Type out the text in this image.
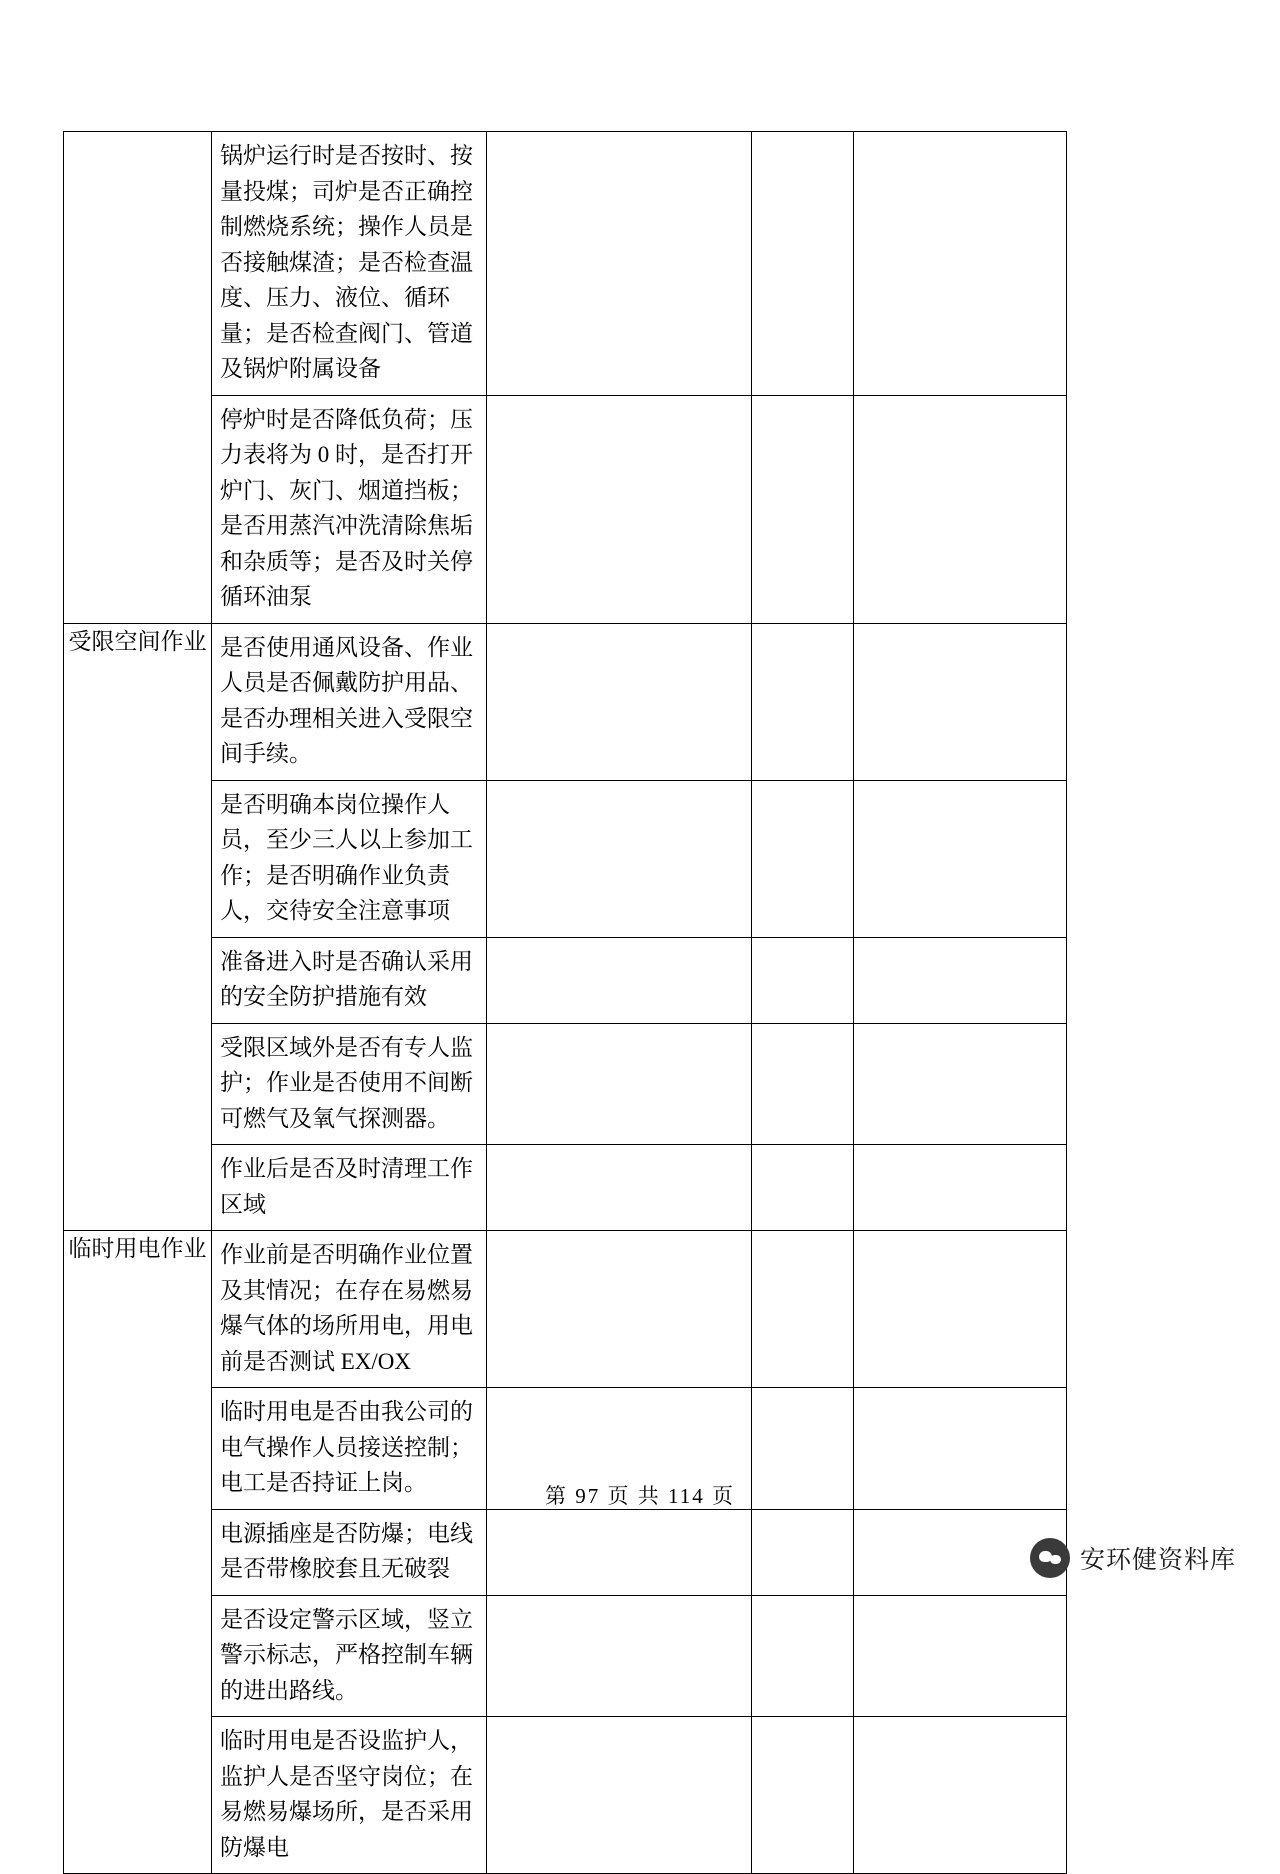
	锅炉运行时是否按时、按量投煤；司炉是否正确控制燃烧系统；操作人员是否接触煤渣；是否检查温度、压力、液位、循环量；是否检查阀门、管道及锅炉附属设备			

	停炉时是否降低负荷；压力表将为 0 时，是否打开炉门、灰门、烟道挡板；是否用蒸汽冲洗清除焦垢和杂质等；是否及时关停循环油泵			

受限空间作业	是否使用通风设备、作业人员是否佩戴防护用品、是否办理相关进入受限空间手续。			

	是否明确本岗位操作人员，至少三人以上参加工作；是否明确作业负责人，交待安全注意事项			

	准备进入时是否确认采用的安全防护措施有效			

	受限区域外是否有专人监护；作业是否使用不间断可燃气及氧气探测器。			

	作业后是否及时清理工作区域			

临时用电作业	作业前是否明确作业位置及其情况；在存在易燃易爆气体的场所用电，用电前是否测试 EX/OX			

	临时用电是否由我公司的电气操作人员接送控制；电工是否持证上岗。			

	电源插座是否防爆；电线是否带橡胶套且无破裂			

	是否设定警示区域，竖立警示标志，严格控制车辆的进出路线。			

	临时用电是否设监护人，监护人是否坚守岗位；在易燃易爆场所，是否采用防爆电			

第 97 页 共 114 页
安环健资料库
